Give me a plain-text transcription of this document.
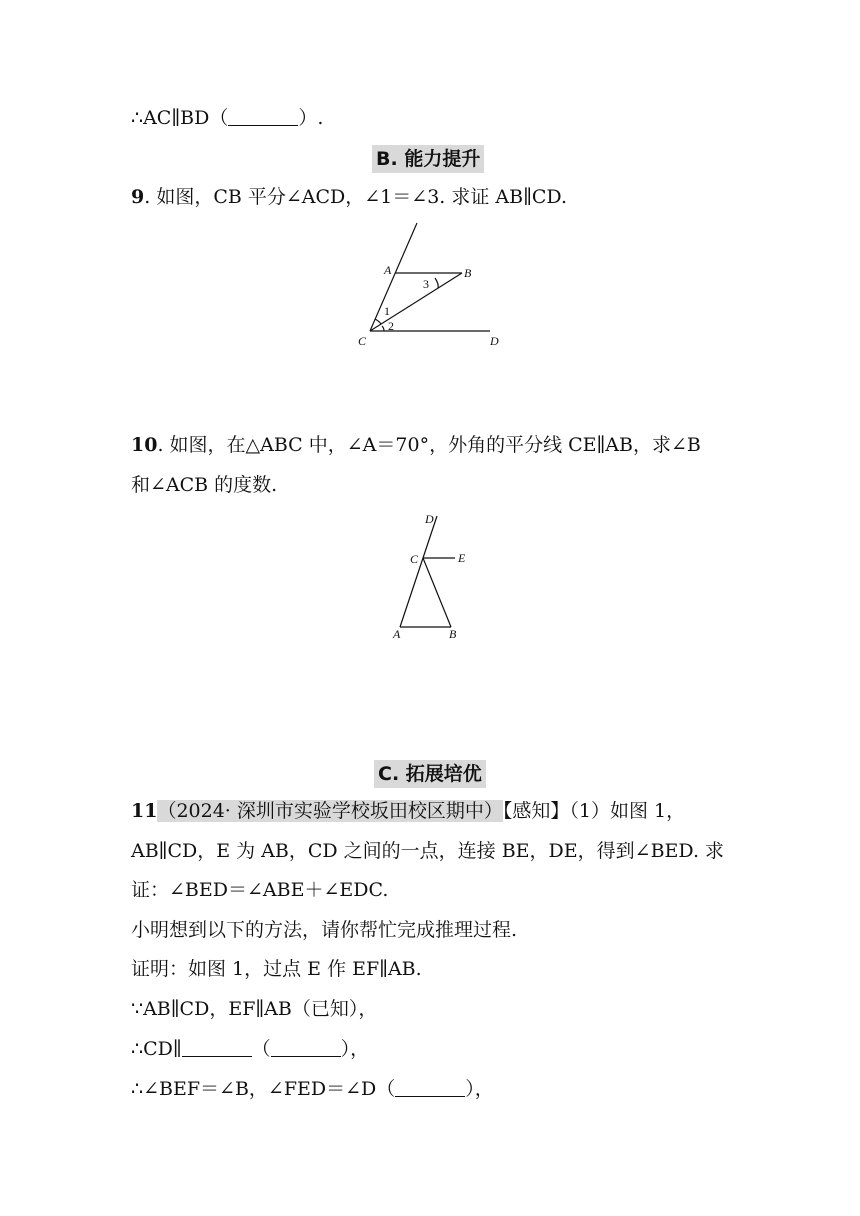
∴AC∥BD（	）.
B. 能力提升
9. 如图，CB 平分∠ACD，∠1＝∠3. 求证 AB∥CD.
A	B
C	D
3
1
2
10. 如图，在△ABC 中，∠A＝70°，外角的平分线 CE∥AB，求∠B
和∠ACB 的度数.
D
C	E
A	B
C. 拓展培优
11（2024· 深圳市实验学校坂田校区期中）【感知】（1）如图 1，
AB∥CD，E 为 AB，CD 之间的一点，连接 BE，DE，得到∠BED. 求
证：∠BED＝∠ABE＋∠EDC.
小明想到以下的方法，请你帮忙完成推理过程.
证明：如图 1，过点 E 作 EF∥AB.
∵AB∥CD，EF∥AB（已知），
∴CD∥	（	），
∴∠BEF＝∠B，∠FED＝∠D（	），
